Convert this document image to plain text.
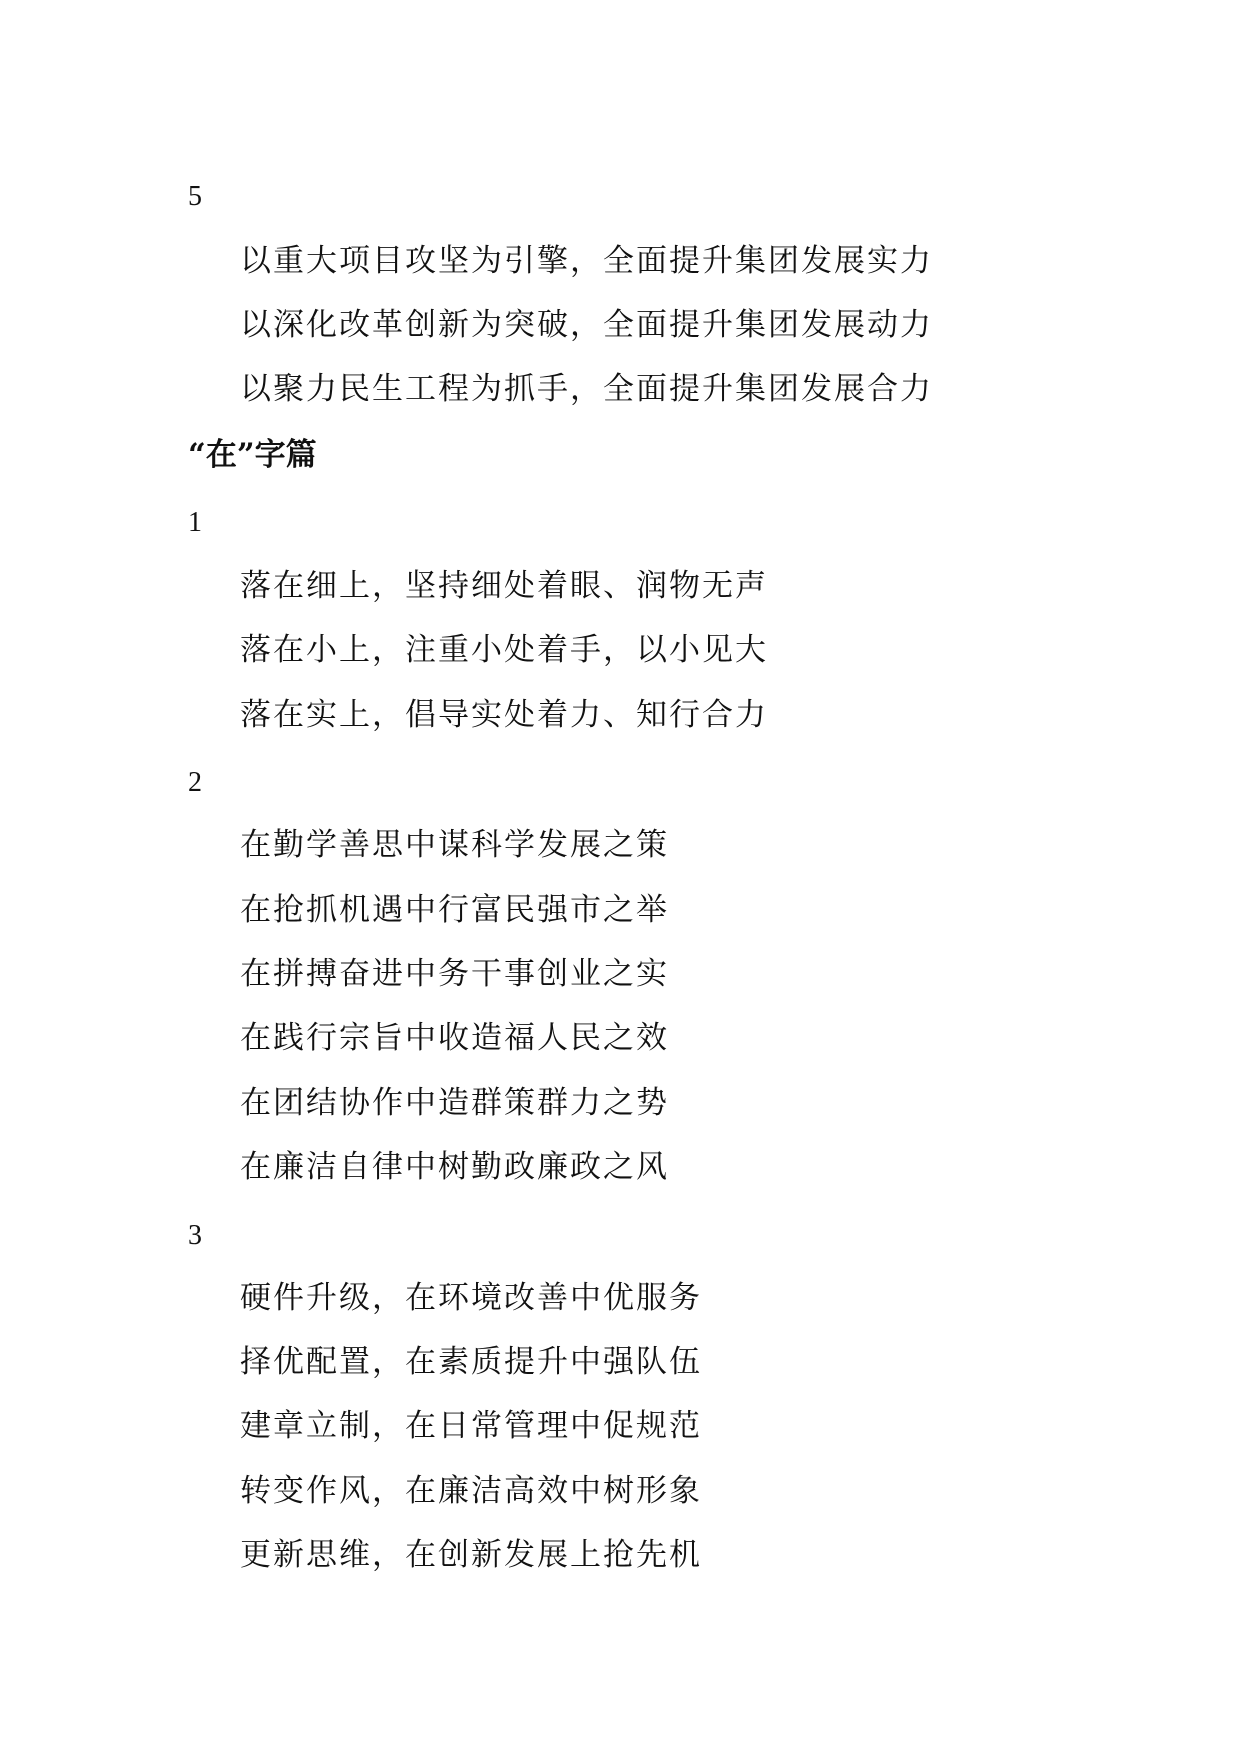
5
以重大项目攻坚为引擎，全面提升集团发展实力
以深化改革创新为突破，全面提升集团发展动力
以聚力民生工程为抓手，全面提升集团发展合力
“在”字篇
1
落在细上，坚持细处着眼、润物无声
落在小上，注重小处着手，以小见大
落在实上，倡导实处着力、知行合力
2
在勤学善思中谋科学发展之策
在抢抓机遇中行富民强市之举
在拼搏奋进中务干事创业之实
在践行宗旨中收造福人民之效
在团结协作中造群策群力之势
在廉洁自律中树勤政廉政之风
3
硬件升级，在环境改善中优服务
择优配置，在素质提升中强队伍
建章立制，在日常管理中促规范
转变作风，在廉洁高效中树形象
更新思维，在创新发展上抢先机
